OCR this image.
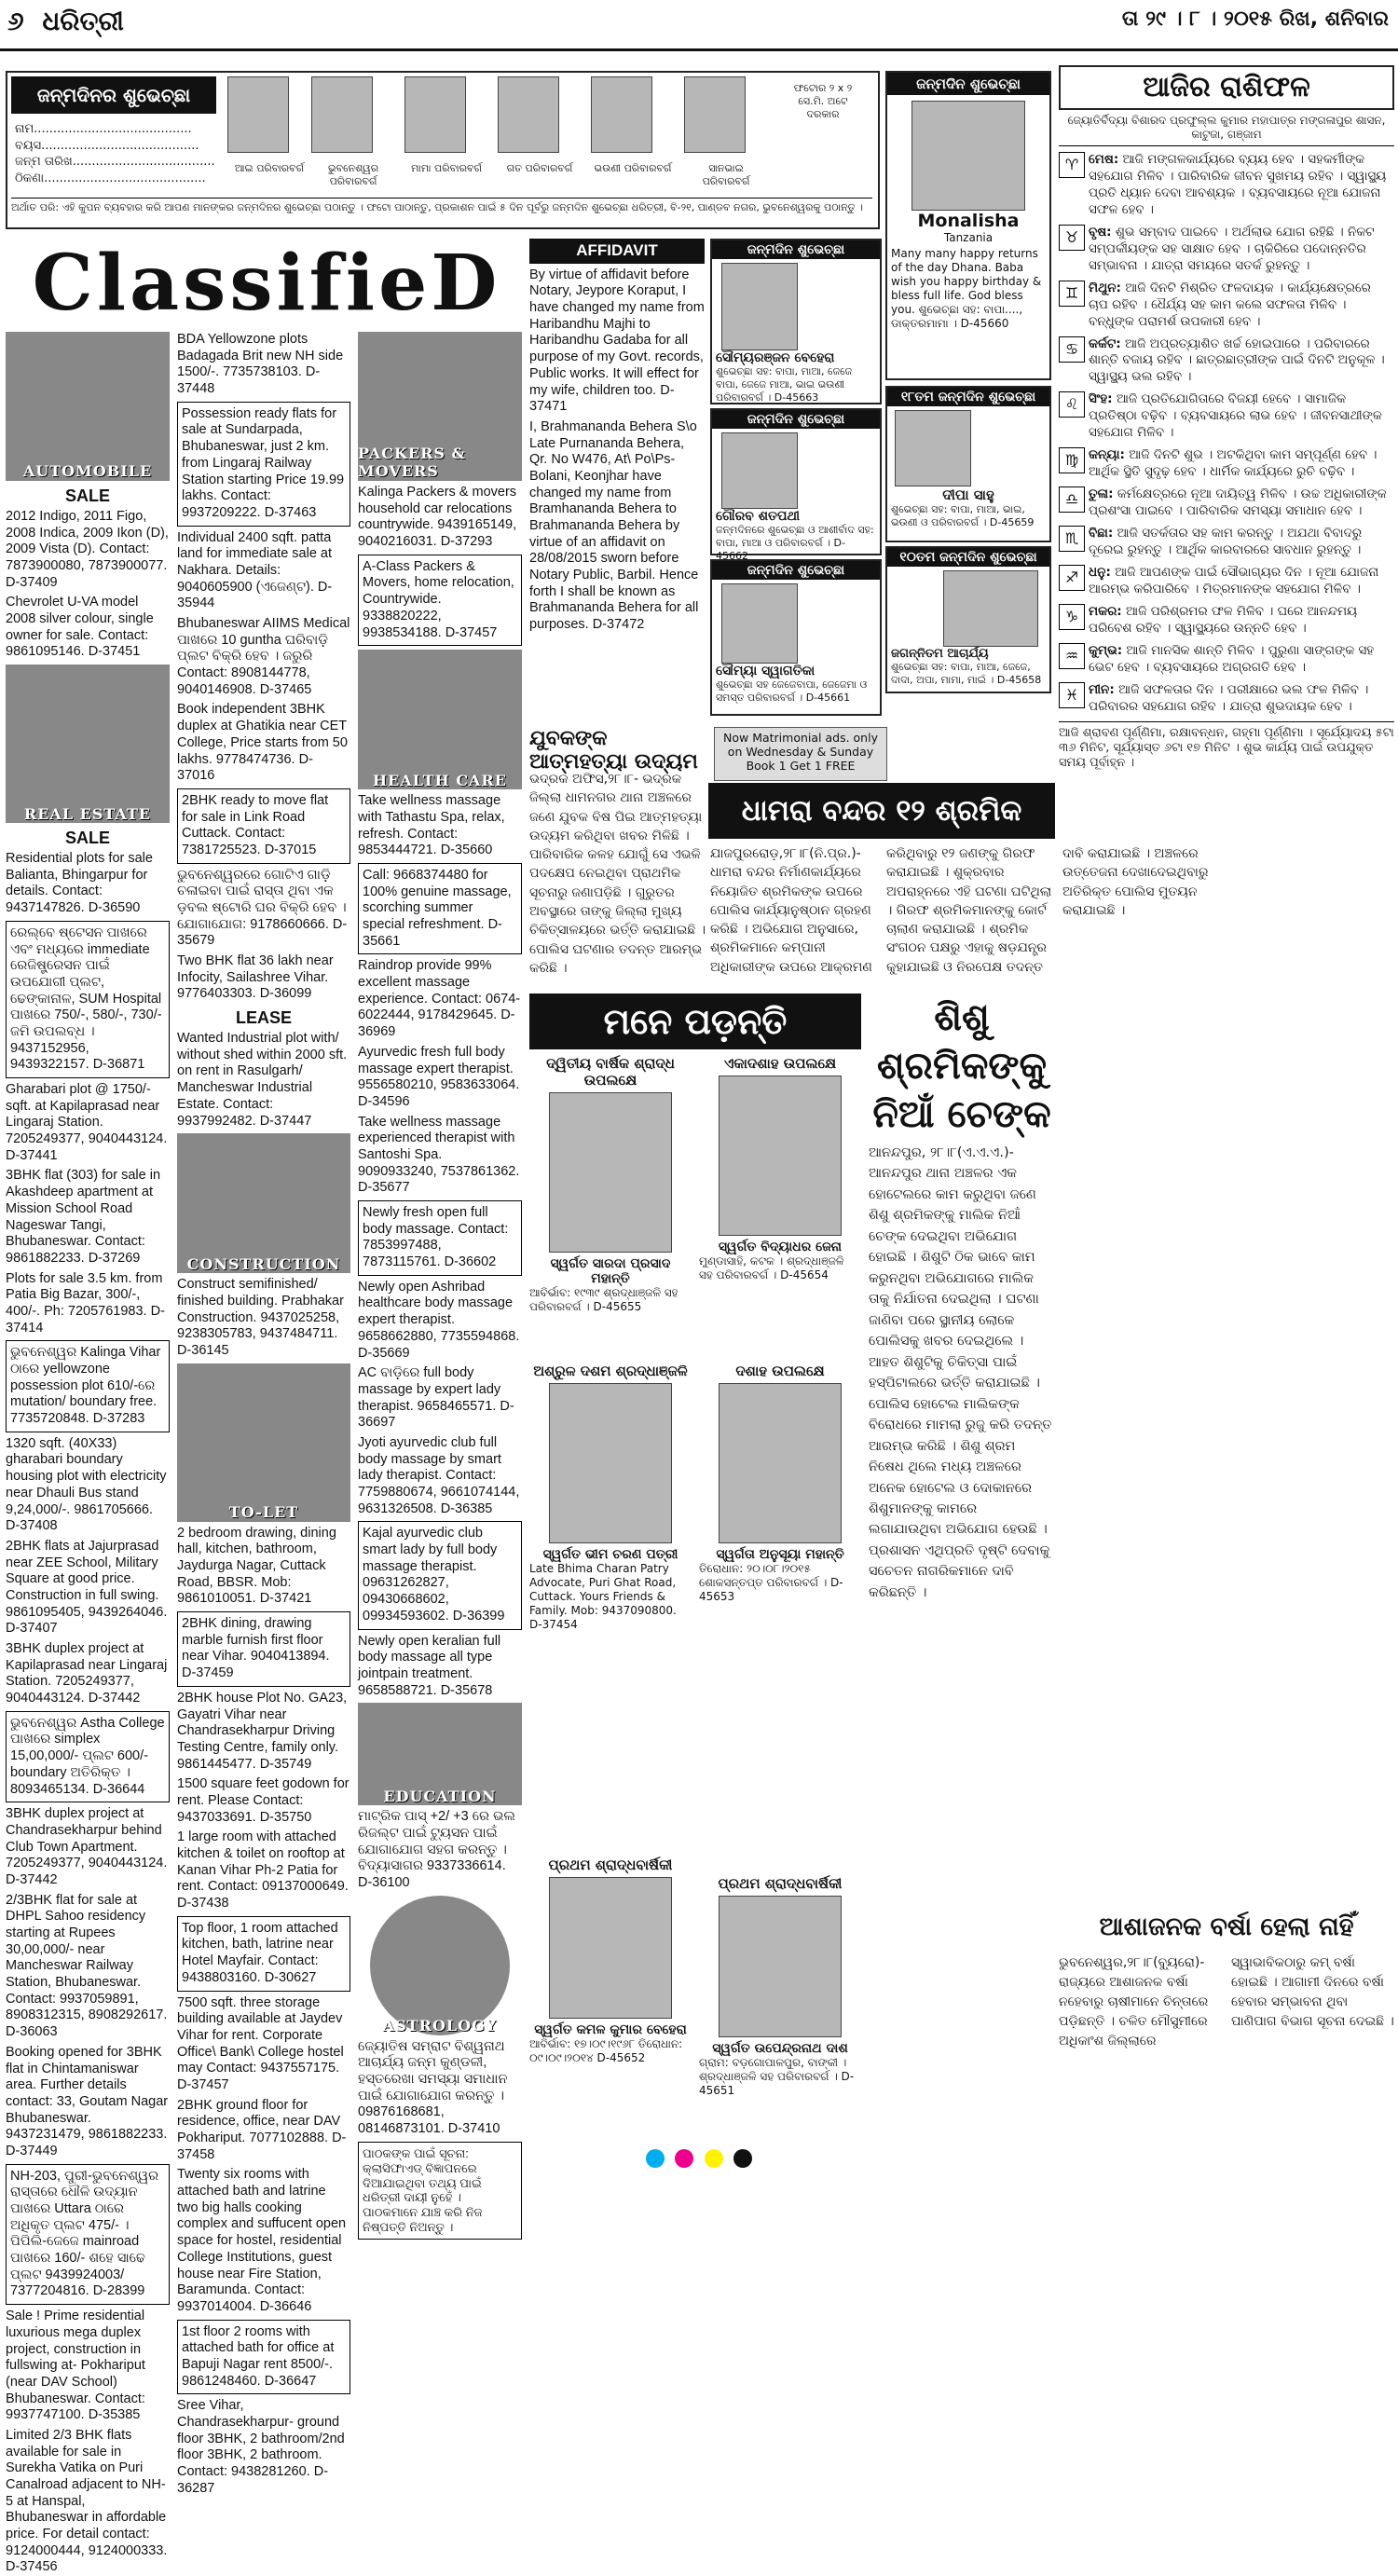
୬ ଧରିତ୍ରୀ	ତା ୨୯ । ୮ । ୨୦୧୫ ରିଖ, ଶନିବାର
ଜନ୍ମଦିନର ଶୁଭେଚ୍ଛା
ନାମ.........................................
ବୟସ.........................................
ଜନ୍ମ ତାରିଖ.....................................
ଠିକଣା..........................................
ଆଇ ପରିବାରବର୍ଗ	ଭୁବନେଶ୍ୱର ପରିବାରବର୍ଗ
ମାମା ପରିବାରବର୍ଗ	ଗତ ପରିବାରବର୍ଗ	ଭଉଣୀ ପରିବାରବର୍ଗ	ସାନଭାଇ ପରିବାରବର୍ଗ
ଫଟୋର ୨ x ୨ ସେ.ମି. ଅଟେ ଦରକାର
ଅର୍ଥାତ ପରି: ଏହି କୁପନ ବ୍ୟବହାର କରି ଆପଣ ମାନଙ୍କର ଜନ୍ମଦିନର ଶୁଭେଚ୍ଛା ପଠାନ୍ତୁ । ଫଟୋ ପାଠାନ୍ତୁ, ପ୍ରକାଶନ ପାଇଁ ୫ ଦିନ ପୂର୍ବରୁ ଜନ୍ମଦିନ ଶୁଭେଚ୍ଛା ଧରିତ୍ରୀ, ବି-୨୧, ପାଣ୍ଡବ ନଗର, ଭୁବନେଶ୍ୱରକୁ ପଠାନ୍ତୁ ।
ଜନ୍ମଦିନ ଶୁଭେଚ୍ଛା
Monalisha
Tanzania
Many many happy returns of the day Dhana. Baba wish you happy birthday & bless full life. God bless you. ଶୁଭେଚ୍ଛା ସହ: ବାପା...., ଡାକ୍ତରମାମା । D-45660
ଆଜିର ରାଶିଫଳ
ଜ୍ୟୋତିର୍ବିଦ୍ୟା ବିଶାରଦ ପ୍ରଫୁଲ୍ଲ କୁମାର ମହାପାତ୍ର ମଙ୍ଗଳାପୁର ଶାସନ, କାଟୁଜା, ଗଞ୍ଜାମ
♈ ମେଷ: ଆଜି ମଙ୍ଗଳକାର୍ଯ୍ୟରେ ବ୍ୟୟ ହେବ । ସହକର୍ମୀଙ୍କ ସହଯୋଗ ମିଳିବ । ପାରିବାରିକ ଜୀବନ ସୁଖମୟ ରହିବ । ସ୍ୱାସ୍ଥ୍ୟ ପ୍ରତି ଧ୍ୟାନ ଦେବା ଆବଶ୍ୟକ । ବ୍ୟବସାୟରେ ନୂଆ ଯୋଜନା ସଫଳ ହେବ ।
♉ ବୃଷ: ଶୁଭ ସମ୍ବାଦ ପାଇବେ । ଅର୍ଥଲାଭ ଯୋଗ ରହିଛି । ନିକଟ ସମ୍ପର୍କୀୟଙ୍କ ସହ ସାକ୍ଷାତ ହେବ । ଚାକିରିରେ ପଦୋନ୍ନତିର ସମ୍ଭାବନା । ଯାତ୍ରା ସମୟରେ ସତର୍କ ରୁହନ୍ତୁ ।
♊ ମିଥୁନ: ଆଜି ଦିନଟି ମିଶ୍ରିତ ଫଳଦାୟକ । କାର୍ଯ୍ୟକ୍ଷେତ୍ରରେ ଚାପ ରହିବ । ଧୈର୍ଯ୍ୟ ସହ କାମ କଲେ ସଫଳତା ମିଳିବ । ବନ୍ଧୁଙ୍କ ପରାମର୍ଶ ଉପକାରୀ ହେବ ।
♋ କର୍କଟ: ଆଜି ଅପ୍ରତ୍ୟାଶିତ ଖର୍ଚ୍ଚ ହୋଇପାରେ । ପରିବାରରେ ଶାନ୍ତି ବଜାୟ ରହିବ । ଛାତ୍ରଛାତ୍ରୀଙ୍କ ପାଇଁ ଦିନଟି ଅନୁକୂଳ । ସ୍ୱାସ୍ଥ୍ୟ ଭଲ ରହିବ ।
♌ ସିଂହ: ଆଜି ପ୍ରତିଯୋଗିତାରେ ବିଜୟୀ ହେବେ । ସାମାଜିକ ପ୍ରତିଷ୍ଠା ବଢ଼ିବ । ବ୍ୟବସାୟରେ ଲାଭ ହେବ । ଜୀବନସାଥୀଙ୍କ ସହଯୋଗ ମିଳିବ ।
♍ କନ୍ୟା: ଆଜି ଦିନଟି ଶୁଭ । ଅଟକିଥିବା କାମ ସମ୍ପୂର୍ଣ୍ଣ ହେବ । ଆର୍ଥିକ ସ୍ଥିତି ସୁଦୃଢ଼ ହେବ । ଧାର୍ମିକ କାର୍ଯ୍ୟରେ ରୁଚି ବଢ଼ିବ ।
♎ ତୁଳା: କର୍ମକ୍ଷେତ୍ରରେ ନୂଆ ଦାୟିତ୍ୱ ମିଳିବ । ଉଚ୍ଚ ଅଧିକାରୀଙ୍କ ପ୍ରଶଂସା ପାଇବେ । ପାରିବାରିକ ସମସ୍ୟା ସମାଧାନ ହେବ ।
♏ ବିଛା: ଆଜି ସତର୍କତାର ସହ କାମ କରନ୍ତୁ । ଅଯଥା ବିବାଦରୁ ଦୂରେଇ ରୁହନ୍ତୁ । ଆର୍ଥିକ କାରବାରରେ ସାବଧାନ ରୁହନ୍ତୁ ।
♐ ଧନୁ: ଆଜି ଆପଣଙ୍କ ପାଇଁ ସୌଭାଗ୍ୟର ଦିନ । ନୂଆ ଯୋଜନା ଆରମ୍ଭ କରିପାରିବେ । ମିତ୍ରମାନଙ୍କ ସହଯୋଗ ମିଳିବ ।
♑ ମକର: ଆଜି ପରିଶ୍ରମର ଫଳ ମିଳିବ । ଘରେ ଆନନ୍ଦମୟ ପରିବେଶ ରହିବ । ସ୍ୱାସ୍ଥ୍ୟରେ ଉନ୍ନତି ହେବ ।
♒ କୁମ୍ଭ: ଆଜି ମାନସିକ ଶାନ୍ତି ମିଳିବ । ପୁରୁଣା ସାଙ୍ଗଙ୍କ ସହ ଭେଟ ହେବ । ବ୍ୟବସାୟରେ ଅଗ୍ରଗତି ହେବ ।
♓ ମୀନ: ଆଜି ସଫଳତାର ଦିନ । ପରୀକ୍ଷାରେ ଭଲ ଫଳ ମିଳିବ । ପରିବାରର ସହଯୋଗ ରହିବ । ଯାତ୍ରା ଶୁଭଦାୟକ ହେବ ।
ଆଜି ଶ୍ରାବଣ ପୂର୍ଣ୍ଣିମା, ରକ୍ଷାବନ୍ଧନ, ଗହ୍ମା ପୂର୍ଣ୍ଣିମା । ସୂର୍ଯ୍ୟୋଦୟ ୫ଟା ୩୬ ମିନିଟ, ସୂର୍ଯ୍ୟାସ୍ତ ୬ଟା ୧୭ ମିନିଟ । ଶୁଭ କାର୍ଯ୍ୟ ପାଇଁ ଉପଯୁକ୍ତ ସମୟ ପୂର୍ବାହ୍ନ ।
ClassifieD
AUTOMOBILE
SALE

2012 Indigo, 2011 Figo, 2008 Indica, 2009 Ikon (D), 2009 Vista (D). Contact: 7873900080, 7873900077. D-37409

Chevrolet U-VA model 2008 silver colour, single owner for sale. Contact: 9861095146. D-37451

REAL ESTATE
SALE

Residential plots for sale Balianta, Bhingarpur for details. Contact: 9437147826. D-36590

ରେଲ୍ବେ ଷ୍ଟେସନ ପାଖରେ ଏବଂ ମଧ୍ୟରେ immediate ରେଜିଷ୍ଟ୍ରେସନ ପାଇଁ ଉପଯୋଗୀ ପ୍ଲଟ, ଢେଙ୍କାନାଳ, SUM Hospital ପାଖରେ 750/-, 580/-, 730/- ଜମି ଉପଲବ୍ଧ । 9437152956, 9439322157. D-36871

Gharabari plot @ 1750/- sqft. at Kapilaprasad near Lingaraj Station. 7205249377, 9040443124. D-37441

3BHK flat (303) for sale in Akashdeep apartment at Mission School Road Nageswar Tangi, Bhubaneswar. Contact: 9861882233. D-37269

Plots for sale 3.5 km. from Patia Big Bazar, 300/-, 400/-. Ph: 7205761983. D-37414

ଭୁବନେଶ୍ୱର Kalinga Vihar ଠାରେ yellowzone possession plot 610/-ରେ mutation/ boundary free. 7735720848. D-37283

1320 sqft. (40X33) gharabari boundary housing plot with electricity near Dhauli Bus stand 9,24,000/-. 9861705666. D-37408

2BHK flats at Jajurprasad near ZEE School, Military Square at good price. Construction in full swing. 9861095405, 9439264046. D-37407

3BHK duplex project at Kapilaprasad near Lingaraj Station. 7205249377, 9040443124. D-37442

ଭୁବନେଶ୍ୱର Astha College ପାଖରେ simplex 15,00,000/- ପ୍ଲଟ 600/- boundary ଅତିରିକ୍ତ । 8093465134. D-36644

3BHK duplex project at Chandrasekharpur behind Club Town Apartment. 7205249377, 9040443124. D-37442

2/3BHK flat for sale at DHPL Sahoo residency starting at Rupees 30,00,000/- near Mancheswar Railway Station, Bhubaneswar. Contact: 9937059891, 8908312315, 8908292617. D-36063

Booking opened for 3BHK flat in Chintamaniswar area. Further details contact: 33, Goutam Nagar Bhubaneswar. 9437231479, 9861882233. D-37449

NH-203, ପୁରୀ-ଭୁବନେଶ୍ୱର ରାସ୍ତାରେ ଧୌଳି ଉଦ୍ୟାନ ପାଖରେ Uttara ଠାରେ ଅଧିକୃତ ପ୍ଲଟ 475/- । ପିପିଲି-ଜେଜେ mainroad ପାଖରେ 160/- ଶହେ ସାଢେ ପ୍ଲଟ 9439924003/ 7377204816. D-28399

Sale ! Prime residential luxurious mega duplex project, construction in fullswing at- Pokhariput (near DAV School) Bhubaneswar. Contact: 9937747100. D-35385

Limited 2/3 BHK flats available for sale in Surekha Vatika on Puri Canalroad adjacent to NH-5 at Hanspal, Bhubaneswar in affordable price. For detail contact: 9124000444, 9124000333. D-37456

BDA Yellowzone plots Badagada Brit new NH side 1500/-. 7735738103. D-37448

Possession ready flats for sale at Sundarpada, Bhubaneswar, just 2 km. from Lingaraj Railway Station starting Price 19.99 lakhs. Contact: 9937209222. D-37463

Individual 2400 sqft. patta land for immediate sale at Nakhara. Details: 9040605900 (ଏଜେଣ୍ଟ). D-35944

Bhubaneswar AIIMS Medical ପାଖରେ 10 guntha ଘରିବାଡ଼ି ପ୍ଲଟ ବିକ୍ରି ହେବ । ଜରୁରି Contact: 8908144778, 9040146908. D-37465

Book independent 3BHK duplex at Ghatikia near CET College, Price starts from 50 lakhs. 9778474736. D-37016

2BHK ready to move flat for sale in Link Road Cuttack. Contact: 7381725523. D-37015

ଭୁବନେଶ୍ୱରରେ ଗୋଟିଏ ଗାଡ଼ି ଚଳାଇବା ପାଇଁ ରାସ୍ତା ଥିବା ଏକ ଡ଼ବଲ ଷ୍ଟୋରି ଘର ବିକ୍ରି ହେବ । ଯୋଗାଯୋଗ: 9178660666. D-35679

Two BHK flat 36 lakh near Infocity, Sailashree Vihar. 9776403303. D-36099

LEASE

Wanted Industrial plot with/ without shed within 2000 sft. on rent in Rasulgarh/ Mancheswar Industrial Estate. Contact: 9937992482. D-37447

CONSTRUCTION

Construct semifinished/ finished building. Prabhakar Construction. 9437025258, 9238305783, 9437484711. D-36145

TO-LET

2 bedroom drawing, dining hall, kitchen, bathroom, Jaydurga Nagar, Cuttack Road, BBSR. Mob: 9861010051. D-37421

2BHK dining, drawing marble furnish first floor near Vihar. 9040413894. D-37459

2BHK house Plot No. GA23, Gayatri Vihar near Chandrasekharpur Driving Testing Centre, family only. 9861445477. D-35749

1500 square feet godown for rent. Please Contact: 9437033691. D-35750

1 large room with attached kitchen & toilet on rooftop at Kanan Vihar Ph-2 Patia for rent. Contact: 09137000649. D-37438

Top floor, 1 room attached kitchen, bath, latrine near Hotel Mayfair. Contact: 9438803160. D-30627

7500 sqft. three storage building available at Jaydev Vihar for rent. Corporate Office\ Bank\ College hostel may Contact: 9437557175. D-37457

2BHK ground floor for residence, office, near DAV Pokhariput. 7077102888. D-37458

Twenty six rooms with attached bath and latrine two big halls cooking complex and suffucent open space for hostel, residential College Institutions, guest house near Fire Station, Baramunda. Contact: 9937014004. D-36646

1st floor 2 rooms with attached bath for office at Bapuji Nagar rent 8500/-. 9861248460. D-36647

Sree Vihar, Chandrasekharpur- ground floor 3BHK, 2 bathroom/2nd floor 3BHK, 2 bathroom. Contact: 9438281260. D-36287

PACKERS & MOVERS

Kalinga Packers & movers household car relocations countrywide. 9439165149, 9040216031. D-37293

A-Class Packers & Movers, home relocation, Countrywide. 9338820222, 9938534188. D-37457

HEALTH CARE

Take wellness massage with Tathastu Spa, relax, refresh. Contact: 9853444721. D-35660

Call: 9668374480 for 100% genuine massage, scorching summer special refreshment. D-35661

Raindrop provide 99% excellent massage experience. Contact: 0674-6022444, 9178429645. D-36969

Ayurvedic fresh full body massage expert therapist. 9556580210, 9583633064. D-34596

Take wellness massage experienced therapist with Santoshi Spa. 9090933240, 7537861362. D-35677

Newly fresh open full body massage. Contact: 7853997488, 7873115761. D-36602

Newly open Ashribad healthcare body massage expert therapist. 9658662880, 7735594868. D-35669

AC ବାଡ଼ିରେ full body massage by expert lady therapist. 9658465571. D-36697

Jyoti ayurvedic club full body massage by smart lady therapist. Contact: 7759880674, 9661074144, 9631326508. D-36385

Kajal ayurvedic club smart lady by full body massage therapist. 09631262827, 09430668602, 09934593602. D-36399

Newly open keralian full body massage all type jointpain treatment. 9658588721. D-35678

EDUCATION

ମାଟ୍ରିକ ପାସ୍ +2/ +3 ରେ ଭଲ ରିଜଲ୍ଟ ପାଇଁ ଟ୍ୟୁସନ ପାଇଁ ଯୋଗାଯୋଗ ସହଗ କରନ୍ତୁ । ବିଦ୍ୟାସାଗର 9337336614. D-36100

ASTROLOGY

ଜ୍ୟୋତିଷ ସମ୍ରାଟ ବିଶ୍ୱନାଥ ଆଚାର୍ଯ୍ୟ ଜନ୍ମ କୁଣ୍ଡଳୀ, ହସ୍ତରେଖା ସମସ୍ୟା ସମାଧାନ ପାଇଁ ଯୋଗାଯୋଗ କରନ୍ତୁ । 09876168681, 08146873101. D-37410

ପାଠକଙ୍କ ପାଇଁ ସୂଚନା: କ୍ଲାସିଫାଏଡ୍ ବିଜ୍ଞାପନରେ ଦିଆଯାଇଥିବା ତଥ୍ୟ ପାଇଁ ଧରିତ୍ରୀ ଦାୟୀ ନୁହେଁ । ପାଠକମାନେ ଯାଞ୍ଚ କରି ନିଜ ନିଷ୍ପତ୍ତି ନିଅନ୍ତୁ ।
AFFIDAVIT

By virtue of affidavit before Notary, Jeypore Koraput, I have changed my name from Haribandhu Majhi to Haribandhu Gadaba for all purpose of my Govt. records, Public works. It will effect for my wife, children too. D-37471

I, Brahmananda Behera S\o Late Purnananda Behera, Qr. No W476, At\ Po\Ps- Bolani, Keonjhar have changed my name from Bramhananda Behera to Brahmananda Behera by virtue of an affidavit on 28/08/2015 sworn before Notary Public, Barbil. Hence forth I shall be known as Brahmananda Behera for all purposes. D-37472

ଜନ୍ମଦିନ ଶୁଭେଚ୍ଛା
ସୌମ୍ୟରଞ୍ଜନ ବେହେରା
ଶୁଭେଚ୍ଛା ସହ: ବାପା, ମାଆ, ଜେଜେ ବାପା, ଜେଜେ ମାଆ, ଭାଇ ଭଉଣୀ ପରିବାରବର୍ଗ । D-45663
ଜନ୍ମଦିନ ଶୁଭେଚ୍ଛା
ଗୌରବ ଶତପଥୀ
ଜନ୍ମଦିନରେ ଶୁଭେଚ୍ଛା ଓ ଆଶୀର୍ବାଦ ସହ: ବାପା, ମାଆ ଓ ପରିବାରବର୍ଗ । D-45662
ଜନ୍ମଦିନ ଶୁଭେଚ୍ଛା
ସୌମ୍ୟା ସ୍ୱାଗତିକା
ଶୁଭେଚ୍ଛା ସହ ଜେଜେବାପା, ଜେଜେମା ଓ ସମସ୍ତ ପରିବାରବର୍ଗ । D-45661
୧୮ତମ ଜନ୍ମଦିନ ଶୁଭେଚ୍ଛା
ଦୀପା ସାହୁ
ଶୁଭେଚ୍ଛା ସହ: ବାପା, ମାଆ, ଭାଇ, ଭଉଣୀ ଓ ପରିବାରବର୍ଗ । D-45659
୧୦ତମ ଜନ୍ମଦିନ ଶୁଭେଚ୍ଛା
ଜଗନ୍ନିତମ ଆଚାର୍ଯ୍ୟ
ଶୁଭେଚ୍ଛା ସହ: ବାପା, ମାଆ, ଜେଜେ, ଦାଦା, ଅପା, ମାମା, ମାଇଁ । D-45658
Now Matrimonial ads. only on Wednesday & Sunday Book 1 Get 1 FREE
ଧାମରା ବନ୍ଦର ୧୨ ଶ୍ରମିକ ଗିରଫ
ଯାଜପୁରରୋଡ଼,୨୮।୮(ନି.ପ୍ର.)- ଧାମରା ବନ୍ଦର ନିର୍ମାଣକାର୍ଯ୍ୟରେ ନିୟୋଜିତ ଶ୍ରମିକଙ୍କ ଉପରେ ପୋଲିସ କାର୍ଯ୍ୟାନୁଷ୍ଠାନ ଗ୍ରହଣ କରିଛି । ଅଭିଯୋଗ ଅନୁସାରେ, ଶ୍ରମିକମାନେ କମ୍ପାନୀ ଅଧିକାରୀଙ୍କ ଉପରେ ଆକ୍ରମଣ କରିଥିବାରୁ ୧୨ ଜଣଙ୍କୁ ଗିରଫ କରାଯାଇଛି । ଶୁକ୍ରବାର ଅପରାହ୍ନରେ ଏହି ଘଟଣା ଘଟିଥିଲା । ଗିରଫ ଶ୍ରମିକମାନଙ୍କୁ କୋର୍ଟ ଚାଲାଣ କରାଯାଇଛି । ଶ୍ରମିକ ସଂଗଠନ ପକ୍ଷରୁ ଏହାକୁ ଷଡ଼ଯନ୍ତ୍ର କୁହାଯାଇଛି ଓ ନିରପେକ୍ଷ ତଦନ୍ତ ଦାବି କରାଯାଇଛି । ଅଞ୍ଚଳରେ ଉତ୍ତେଜନା ଦେଖାଦେଇଥିବାରୁ ଅତିରିକ୍ତ ପୋଲିସ ମୁତୟନ କରାଯାଇଛି ।
ଯୁବକଙ୍କ ଆତ୍ମହତ୍ୟା ଉଦ୍ୟମ
ଭଦ୍ରକ ଅଫିସ,୨୮।୮- ଭଦ୍ରକ ଜିଲ୍ଲା ଧାମନଗର ଥାନା ଅଞ୍ଚଳରେ ଜଣେ ଯୁବକ ବିଷ ପିଇ ଆତ୍ମହତ୍ୟା ଉଦ୍ୟମ କରିଥିବା ଖବର ମିଳିଛି । ପାରିବାରିକ କଳହ ଯୋଗୁଁ ସେ ଏଭଳି ପଦକ୍ଷେପ ନେଇଥିବା ପ୍ରାଥମିକ ସୂଚନାରୁ ଜଣାପଡ଼ିଛି । ଗୁରୁତର ଅବସ୍ଥାରେ ତାଙ୍କୁ ଜିଲ୍ଲା ମୁଖ୍ୟ ଚିକିତ୍ସାଳୟରେ ଭର୍ତ୍ତି କରାଯାଇଛି । ପୋଲିସ ଘଟଣାର ତଦନ୍ତ ଆରମ୍ଭ କରିଛି ।
ମନେ ପଡ଼ନ୍ତି
ଦ୍ୱିତୀୟ ବାର୍ଷିକ ଶ୍ରାଦ୍ଧ ଉପଲକ୍ଷେ
ସ୍ୱର୍ଗତ ସାରଦା ପ୍ରସାଦ ମହାନ୍ତି
ଆବିର୍ଭାବ: ୧୯୩୯ ଶ୍ରଦ୍ଧାଞ୍ଜଳି ସହ ପରିବାରବର୍ଗ । D-45655
ଏକାଦଶାହ ଉପଲକ୍ଷେ
ସ୍ୱର୍ଗତ ବିଦ୍ୟାଧର ଜେନା
ମୁଣ୍ଡାସାହି, କଟକ । ଶ୍ରଦ୍ଧାଞ୍ଜଳି ସହ ପରିବାରବର୍ଗ । D-45654
ଅଶ୍ରୁଳ ଦଶମ ଶ୍ରଦ୍ଧାଞ୍ଜଳି
ସ୍ୱର୍ଗତ ଭୀମ ଚରଣ ପତ୍ରୀ
Late Bhima Charan Patry Advocate, Puri Ghat Road, Cuttack. Yours Friends & Family. Mob: 9437090800. D-37454
ଦଶାହ ଉପଲକ୍ଷେ
ସ୍ୱର୍ଗତା ଅନୁସୂୟା ମହାନ୍ତି
ତିରୋଧାନ: ୨୦।୦୮।୨୦୧୫ ଶୋକସନ୍ତପ୍ତ ପରିବାରବର୍ଗ । D-45653
ପ୍ରଥମ ଶ୍ରାଦ୍ଧବାର୍ଷିକୀ
ସ୍ୱର୍ଗତ କମଳ କୁମାର ବେହେରା
ଆବିର୍ଭାବ: ୧୭।୦୯।୧୯୬୮ ତିରୋଧାନ: ୦୯।୦୯।୨୦୧୪ D-45652
ପ୍ରଥମ ଶ୍ରାଦ୍ଧବାର୍ଷିକୀ
ସ୍ୱର୍ଗତ ଉପେନ୍ଦ୍ରନାଥ ଦାଶ
ଗ୍ରାମ: ବଡ଼ଗୋପାଳପୁର, ବାଙ୍କୀ । ଶ୍ରଦ୍ଧାଞ୍ଜଳି ସହ ପରିବାରବର୍ଗ । D-45651
ଶିଶୁ ଶ୍ରମିକଙ୍କୁ ନିଆଁ ଚେଙ୍କ
ଆନନ୍ଦପୁର, ୨୮।୮(ଏ.ଏ.ଏ.)- ଆନନ୍ଦପୁର ଥାନା ଅଞ୍ଚଳର ଏକ ହୋଟେଲରେ କାମ କରୁଥିବା ଜଣେ ଶିଶୁ ଶ୍ରମିକଙ୍କୁ ମାଲିକ ନିଆଁ ଚେଙ୍କ ଦେଇଥିବା ଅଭିଯୋଗ ହୋଇଛି । ଶିଶୁଟି ଠିକ ଭାବେ କାମ କରୁନଥିବା ଅଭିଯୋଗରେ ମାଲିକ ତାକୁ ନିର୍ଯାତନା ଦେଇଥିଲା । ଘଟଣା ଜାଣିବା ପରେ ସ୍ଥାନୀୟ ଲୋକେ ପୋଲିସକୁ ଖବର ଦେଇଥିଲେ । ଆହତ ଶିଶୁଟିକୁ ଚିକିତ୍ସା ପାଇଁ ହସ୍ପିଟାଲରେ ଭର୍ତ୍ତି କରାଯାଇଛି । ପୋଲିସ ହୋଟେଲ ମାଲିକଙ୍କ ବିରୋଧରେ ମାମଲା ରୁଜୁ କରି ତଦନ୍ତ ଆରମ୍ଭ କରିଛି । ଶିଶୁ ଶ୍ରମ ନିଷେଧ ଥିଲେ ମଧ୍ୟ ଅଞ୍ଚଳରେ ଅନେକ ହୋଟେଲ ଓ ଦୋକାନରେ ଶିଶୁମାନଙ୍କୁ କାମରେ ଲଗାଯାଉଥିବା ଅଭିଯୋଗ ହେଉଛି । ପ୍ରଶାସନ ଏଥିପ୍ରତି ଦୃଷ୍ଟି ଦେବାକୁ ସଚେତନ ନାଗରିକମାନେ ଦାବି କରିଛନ୍ତି ।
ଆଶାଜନକ ବର୍ଷା ହେଲା ନାହିଁ
ଭୁବନେଶ୍ୱର,୨୮।୮(ବ୍ୟୁରୋ)- ରାଜ୍ୟରେ ଆଶାଜନକ ବର୍ଷା ନହେବାରୁ ଚାଷୀମାନେ ଚିନ୍ତାରେ ପଡ଼ିଛନ୍ତି । ଚଳିତ ମୌସୁମୀରେ ଅଧିକାଂଶ ଜିଲ୍ଲାରେ ସ୍ୱାଭାବିକଠାରୁ କମ୍ ବର୍ଷା ହୋଇଛି । ଆଗାମୀ ଦିନରେ ବର୍ଷା ହେବାର ସମ୍ଭାବନା ଥିବା ପାଣିପାଗ ବିଭାଗ ସୂଚନା ଦେଇଛି ।
